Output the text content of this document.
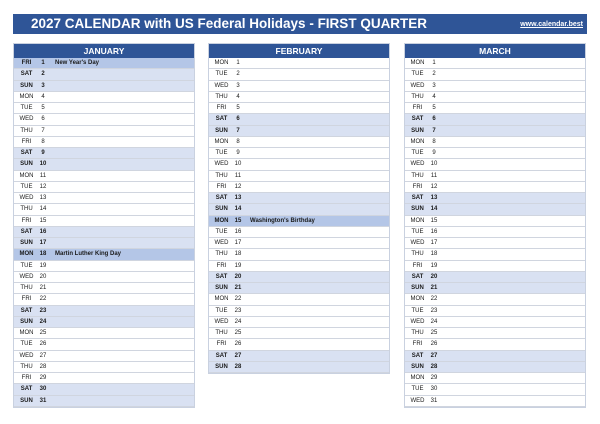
2027 CALENDAR with US Federal Holidays - FIRST QUARTER	www.calendar.best
JANUARY
FRI	1	New Year's Day
SAT	2
SUN	3
MON	4
TUE	5
WED	6
THU	7
FRI	8
SAT	9
SUN	10
MON	11
TUE	12
WED	13
THU	14
FRI	15
SAT	16
SUN	17
MON	18	Martin Luther King Day
TUE	19
WED	20
THU	21
FRI	22
SAT	23
SUN	24
MON	25
TUE	26
WED	27
THU	28
FRI	29
SAT	30
SUN	31
FEBRUARY
MON	1
TUE	2
WED	3
THU	4
FRI	5
SAT	6
SUN	7
MON	8
TUE	9
WED	10
THU	11
FRI	12
SAT	13
SUN	14
MON	15	Washington's Birthday
TUE	16
WED	17
THU	18
FRI	19
SAT	20
SUN	21
MON	22
TUE	23
WED	24
THU	25
FRI	26
SAT	27
SUN	28
MARCH
MON	1
TUE	2
WED	3
THU	4
FRI	5
SAT	6
SUN	7
MON	8
TUE	9
WED	10
THU	11
FRI	12
SAT	13
SUN	14
MON	15
TUE	16
WED	17
THU	18
FRI	19
SAT	20
SUN	21
MON	22
TUE	23
WED	24
THU	25
FRI	26
SAT	27
SUN	28
MON	29
TUE	30
WED	31
